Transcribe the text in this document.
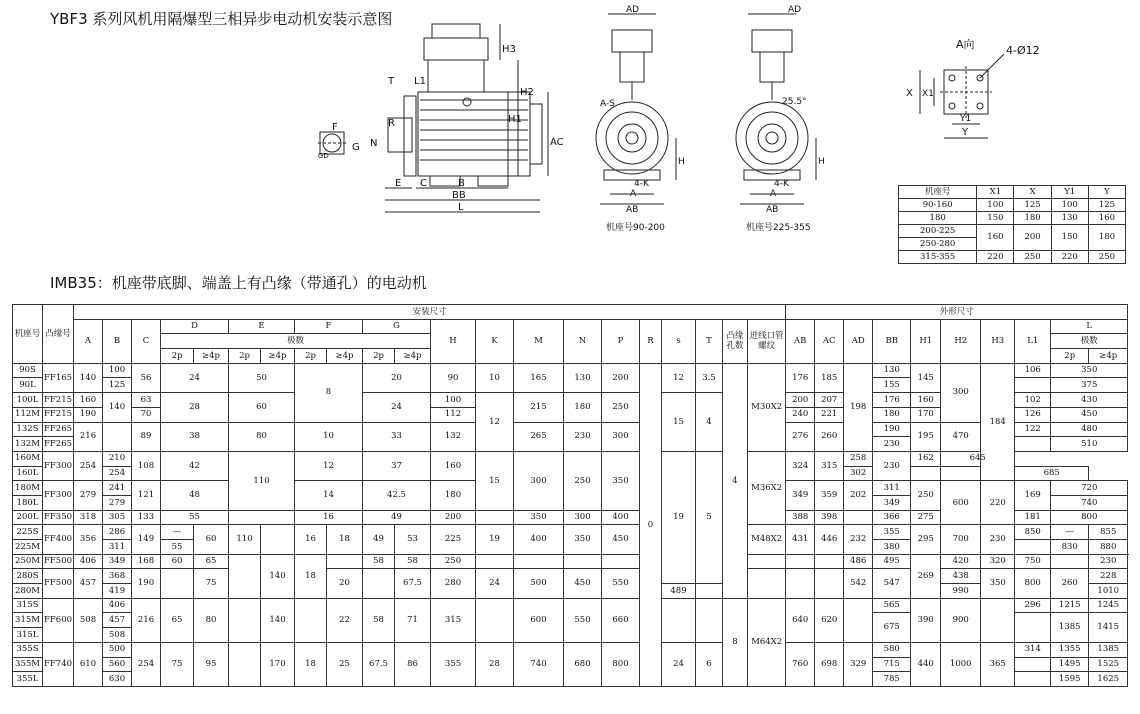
YBF3 系列风机用隔爆型三相异步电动机安装示意图
IMB35：机座带底脚、端盖上有凸缘（带通孔）的电动机
H3
H2
H1
AC
T L1
R
F
N
E
G
C	B
BB
L
GD
AD
A-S
H
4-K
A
AB
机座号90-200
AD
25.5°
H
4-K
A
AB
机座号225-355
A向	4-Ø12
X X1
Y1
Y
机座号	X1	X	Y1	Y
90-160	100	125	100	125
180	150	180	130	160
200-225	160	200	150	180
250-280				
315-355	220	250	220	250
机座号	凸缘号	安装尺寸																					外形尺寸										
		A	B	C	D		E		F		G		H	K	M	N	P	R	s	T	凸缘孔数	进线口管螺纹	AB	AC	AD	BB	H1	H2	H3	L1	L		
					极数																										极数		
					2p	≥4p	2p	≥4p	2p	≥4p	2p	≥4p																			2p	≥4p	
90S	FF165	140	100	56	24		50		8		20		90	10	165	130	200	0	12	3.5	4	M30X2	176	185	198	130	145	300	184	106	350		
90L			125																							155					375		
100L	FF215	160	140	63	28		60				24		100	12	215	180	250		15	4			200	207		176	160			102	430		
112M	FF215	190		70									112										240	221		180	170			126	450		
132S	FF265	216		89	38		80		10		33		132		265	230	300						276	260		190	195	470		122	480		
132M	FF265																									230					510		
160M	FF300	254	210	108	42		110		12		37		160	15	300	250	350		19	5		M36X2	324	315	258	230	162	645					
160L			254																						302					685			
180M	FF300	279	241	121	48				14		42.5		180										349	359	202	311	250	600	220	169	720		
180L			279																							349					740		
200L	FF350	318	305	133	55				16		49		200		350	300	400						388	398		366	275			181	800		
225S	FF400	356	286	149	—	60	110		16	18	49	53	225	19	400	350	450					M48X2	431	446	232	355	295	700	230	850	—	855	
225M			311		55																					380					830	880	
250M	FF500	406	349	168	60	65		140	18		58	58	250												486	495	269	420	320	750		230	
280S	FF500	457	368	190		75				20		67.5	280	24	500	450	550								542	547		438	350	800	260	228		
280M			419																489									990				1010	
315S	FF600	508	406	216	65	80		140		22	58	71	315		600	550	660				8	M64X2	640	620		565	390	900		296	1215	1245	
315M			457																							675					1385	1415	
315L			508																														
355S	FF740	610	500	254	75	95		170	18	25	67.5	86	355	28	740	680	800		24	6			760	698	329	580	440	1000	365	314	1355	1385	
355M			560																							715					1495	1525	
355L			630																							785					1595	1625	
